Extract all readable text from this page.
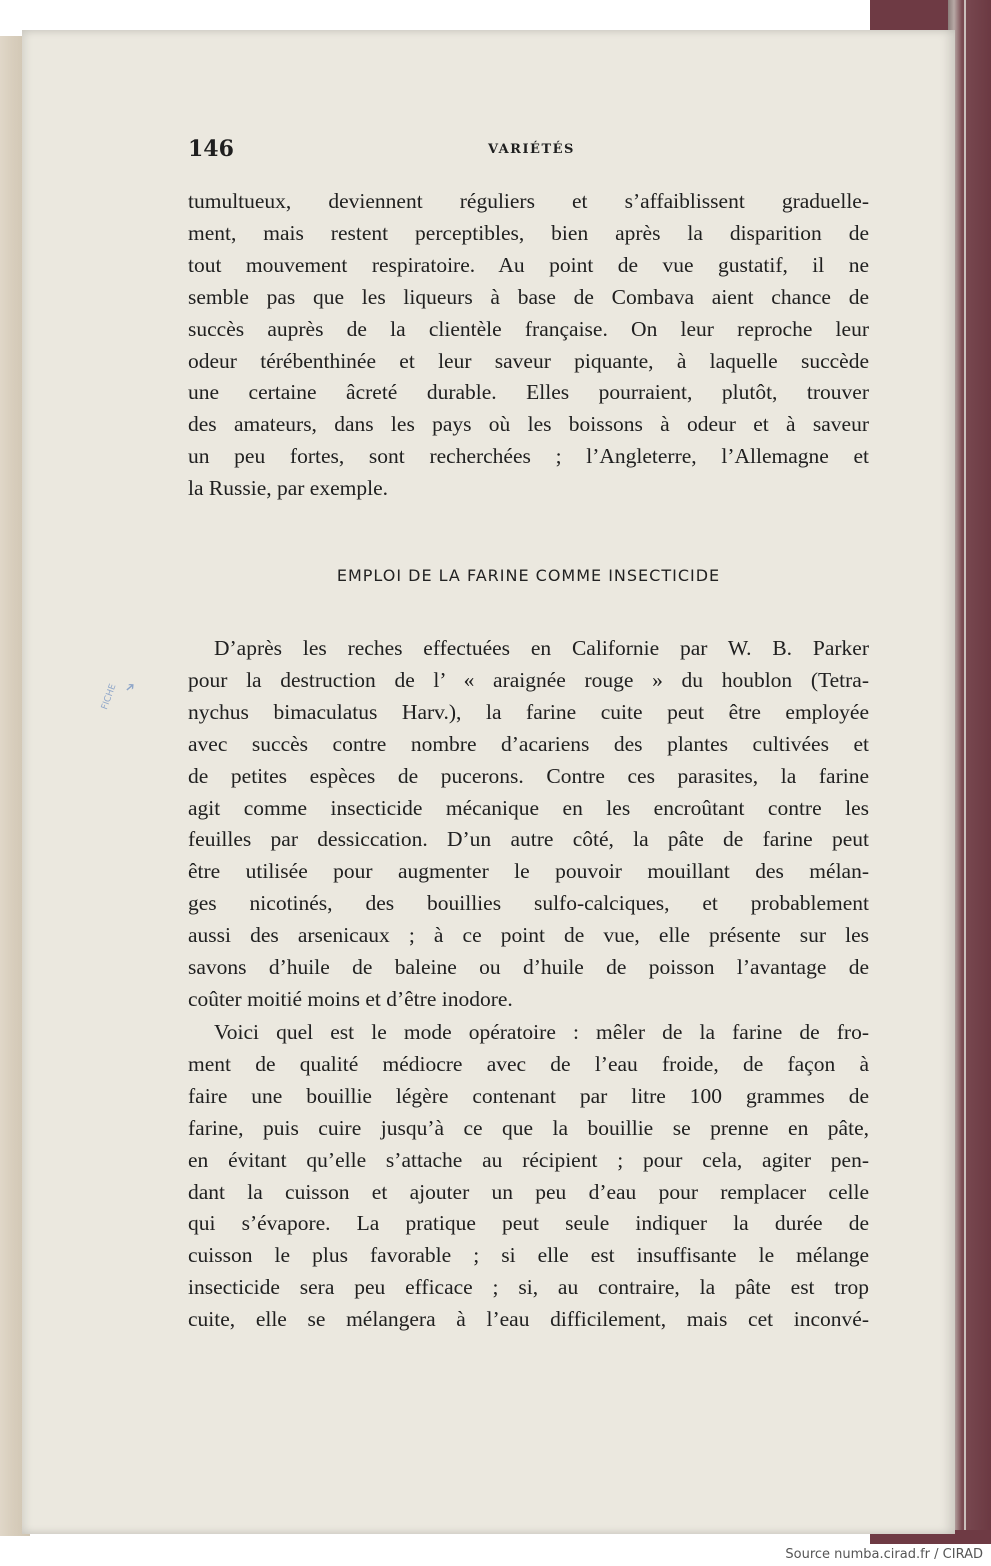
146	VARIÉTÉS
tumultueux, deviennent réguliers et s’affaiblissent graduelle-
ment, mais restent perceptibles, bien après la disparition de
tout mouvement respiratoire. Au point de vue gustatif, il ne
semble pas que les liqueurs à base de Combava aient chance de
succès auprès de la clientèle française. On leur reproche leur
odeur térébenthinée et leur saveur piquante, à laquelle succède
une certaine âcreté durable. Elles pourraient, plutôt, trouver
des amateurs, dans les pays où les boissons à odeur et à saveur
un peu fortes, sont recherchées ; l’Angleterre, l’Allemagne et
la Russie, par exemple.
EMPLOI DE LA FARINE COMME INSECTICIDE
D’après les reches effectuées en Californie par W. B. Parker
pour la destruction de l’ « araignée rouge » du houblon (Tetra-
nychus bimaculatus Harv.), la farine cuite peut être employée
avec succès contre nombre d’acariens des plantes cultivées et
de petites espèces de pucerons. Contre ces parasites, la farine
agit comme insecticide mécanique en les encroûtant contre les
feuilles par dessiccation. D’un autre côté, la pâte de farine peut
être utilisée pour augmenter le pouvoir mouillant des mélan-
ges nicotinés, des bouillies sulfo-calciques, et probablement
aussi des arsenicaux ; à ce point de vue, elle présente sur les
savons d’huile de baleine ou d’huile de poisson l’avantage de
coûter moitié moins et d’être inodore.
Voici quel est le mode opératoire : mêler de la farine de fro-
ment de qualité médiocre avec de l’eau froide, de façon à
faire une bouillie légère contenant par litre 100 grammes de
farine, puis cuire jusqu’à ce que la bouillie se prenne en pâte,
en évitant qu’elle s’attache au récipient ; pour cela, agiter pen-
dant la cuisson et ajouter un peu d’eau pour remplacer celle
qui s’évapore. La pratique peut seule indiquer la durée de
cuisson le plus favorable ; si elle est insuffisante le mélange
insecticide sera peu efficace ; si, au contraire, la pâte est trop
cuite, elle se mélangera à l’eau difficilement, mais cet inconvé-
FICHE ➔
Source numba.cirad.fr / CIRAD
